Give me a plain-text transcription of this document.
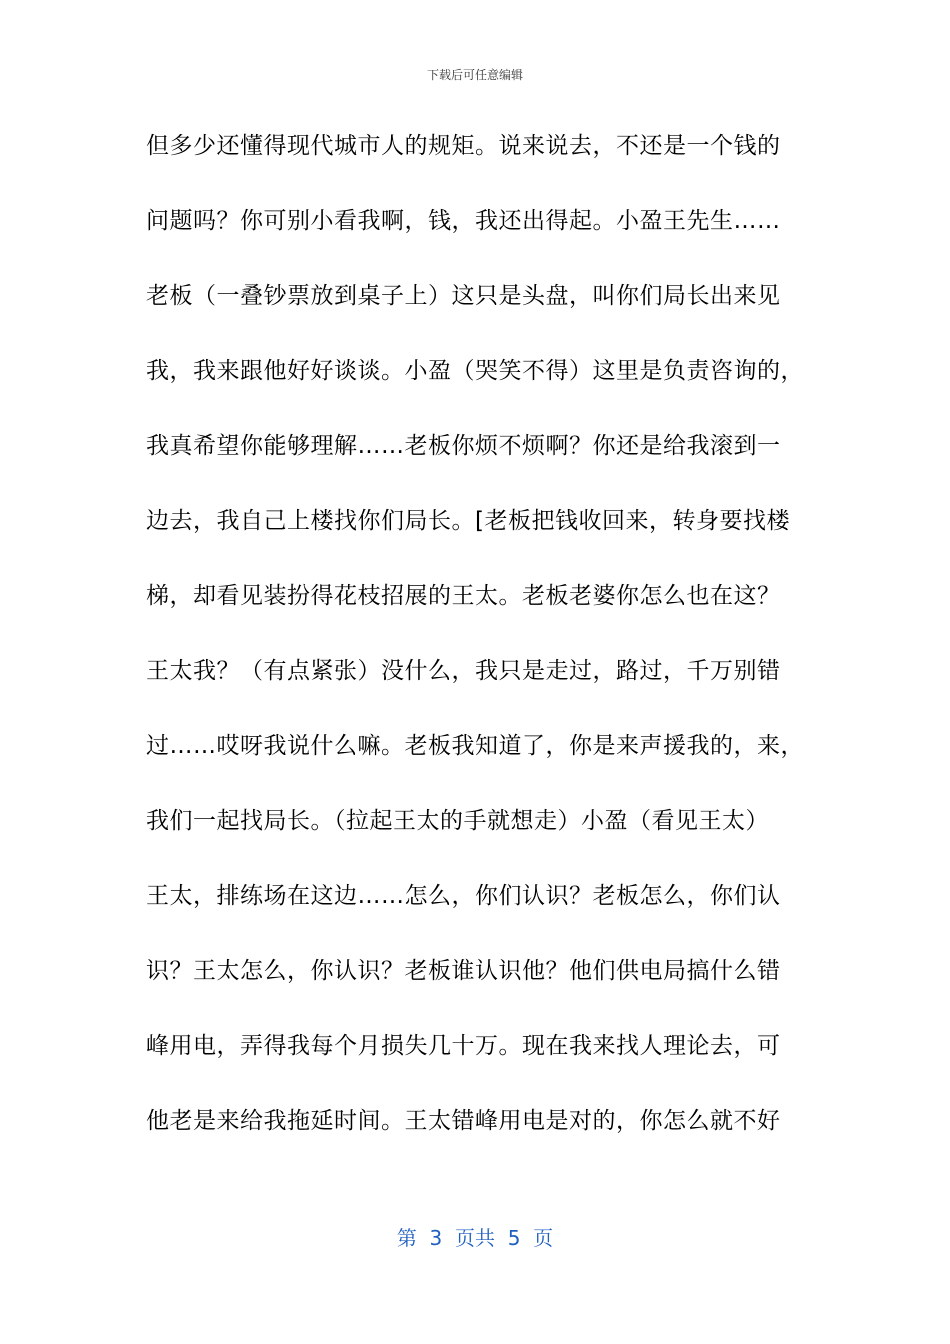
下载后可任意编辑
但多少还懂得现代城市人的规矩。说来说去，不还是一个钱的
问题吗？你可别小看我啊，钱，我还出得起。小盈王先生……
老板（一叠钞票放到桌子上）这只是头盘，叫你们局长出来见
我，我来跟他好好谈谈。小盈（哭笑不得）这里是负责咨询的，
我真希望你能够理解……老板你烦不烦啊？你还是给我滚到一
边去，我自己上楼找你们局长。[老板把钱收回来，转身要找楼
梯，却看见装扮得花枝招展的王太。老板老婆你怎么也在这？
王太我？（有点紧张）没什么，我只是走过，路过，千万别错
过……哎呀我说什么嘛。老板我知道了，你是来声援我的，来，
我们一起找局长。（拉起王太的手就想走）小盈（看见王太）
王太，排练场在这边……怎么，你们认识？老板怎么，你们认
识？王太怎么，你认识？老板谁认识他？他们供电局搞什么错
峰用电，弄得我每个月损失几十万。现在我来找人理论去，可
他老是来给我拖延时间。王太错峰用电是对的，你怎么就不好
第  3  页共  5  页
